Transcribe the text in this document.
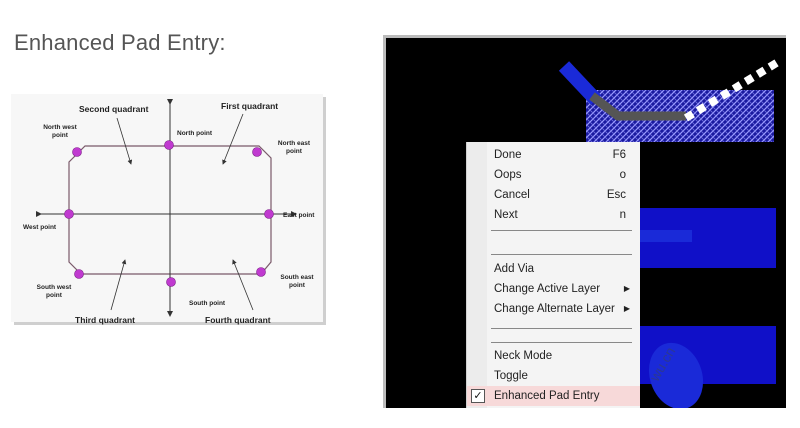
Enhanced Pad Entry:
Second quadrant	First quadrant
Third quadrant	Fourth quadrant
North point
North west point
North east point
West point
East point
South west point
South point
South east point
wu.cn
Done	F6
Oops	o
Cancel	Esc
Next	n
Add Via
Change Active Layer	▶
Change Alternate Layer ▶
Neck Mode
Toggle
✓ Enhanced Pad Entry
